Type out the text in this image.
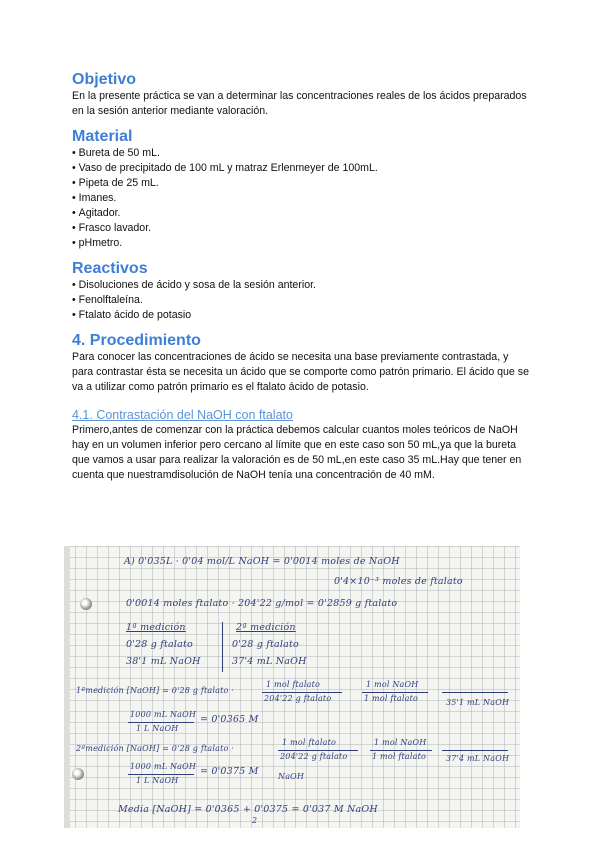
Objetivo

En la presente práctica se van a determinar las concentraciones reales de los ácidos preparados en la sesión anterior mediante valoración.

Material
• Bureta de 50 mL.
• Vaso de precipitado de 100 mL y matraz Erlenmeyer de 100mL.
• Pipeta de 25 mL.
• Imanes.
• Agitador.
• Frasco lavador.
• pHmetro.
Reactivos
• Disoluciones de ácido y sosa de la sesión anterior.
• Fenolftaleína.
• Ftalato ácido de potasio
4. Procedimiento

Para conocer las concentraciones de ácido se necesita una base previamente contrastada, y para contrastar ésta se necesita un ácido que se comporte como patrón primario. El ácido que se va a utilizar como patrón primario es el ftalato ácido de potasio.

4.1. Contrastación del NaOH con ftalato

Primero,antes de comenzar con la práctica debemos calcular cuantos moles teóricos de NaOH hay en un volumen inferior pero cercano al límite que en este caso son 50 mL,ya que la bureta que vamos a usar para realizar la valoración es de 50 mL,en este caso 35 mL.Hay que tener en cuenta que nuestramdisolución de NaOH tenía una concentración de 40 mM.

A) 0'035L · 0'04 mol/L NaOH = 0'0014 moles de NaOH
0'4×10⁻³ moles de ftalato
0'0014 moles ftalato · 204'22 g/mol = 0'2859 g ftalato
1ª medición
0'28 g ftalato
38'1 mL NaOH
2ª medición
0'28 g ftalato
37'4 mL NaOH
1ªmedición [NaOH] = 0'28 g ftalato ·
1 mol ftalato
204'22 g ftalato
1 mol NaOH
1 mol ftalato	35'1 mL NaOH
1000 mL NaOH
1 L NaOH
= 0'0365 M
2ªmedición [NaOH] = 0'28 g ftalato ·
1 mol ftalato
204'22 g ftalato
1 mol NaOH
1 mol ftalato 37'4 mL NaOH
1000 mL NaOH
1 L NaOH
= 0'0375 M NaOH
Media [NaOH] = 0'0365 + 0'0375 = 0'037 M NaOH
2
